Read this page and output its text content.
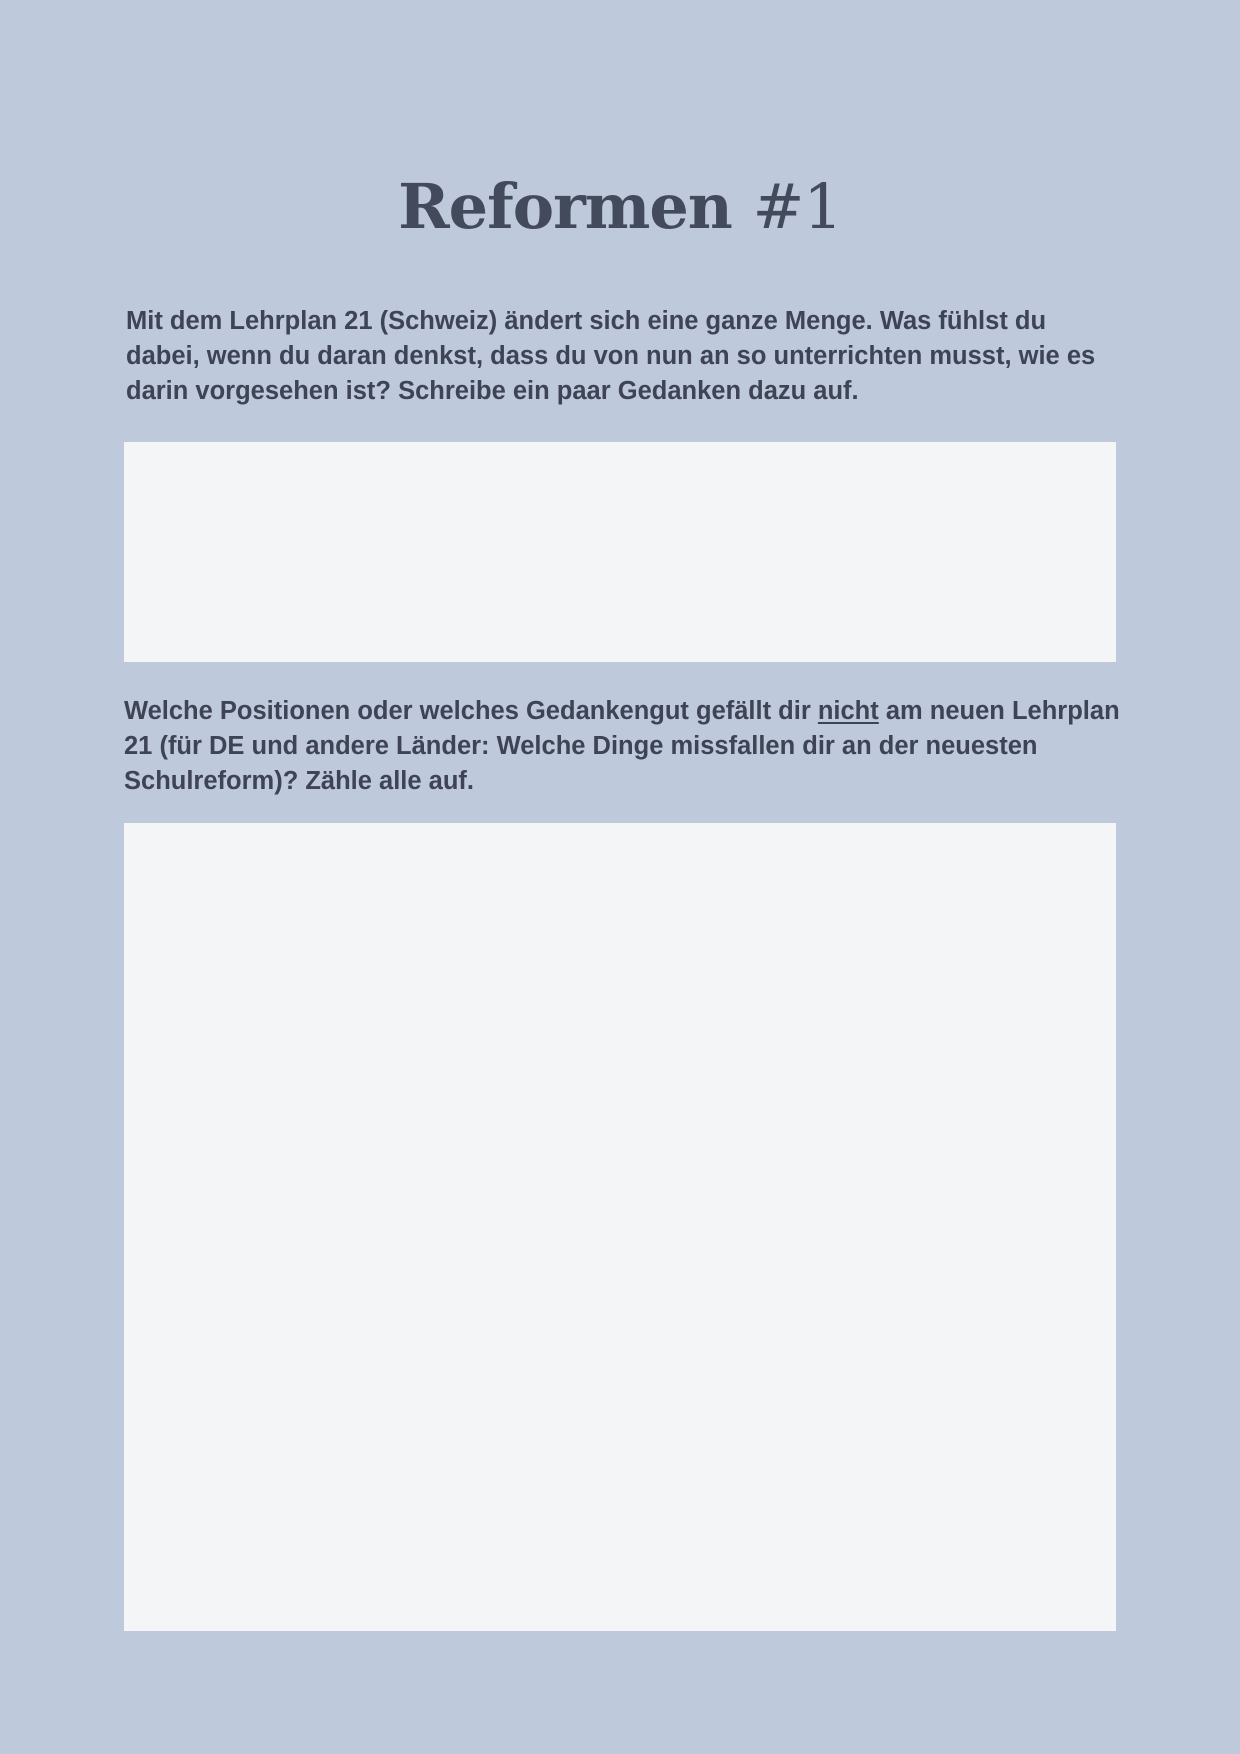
Reformen #1

Mit dem Lehrplan 21 (Schweiz) ändert sich eine ganze Menge. Was fühlst du dabei, wenn du daran denkst, dass du von nun an so unterrichten musst, wie es darin vorgesehen ist? Schreibe ein paar Gedanken dazu auf.

Welche Positionen oder welches Gedankengut gefällt dir nicht am neuen Lehrplan 21 (für DE und andere Länder: Welche Dinge missfallen dir an der neuesten Schulreform)? Zähle alle auf.
